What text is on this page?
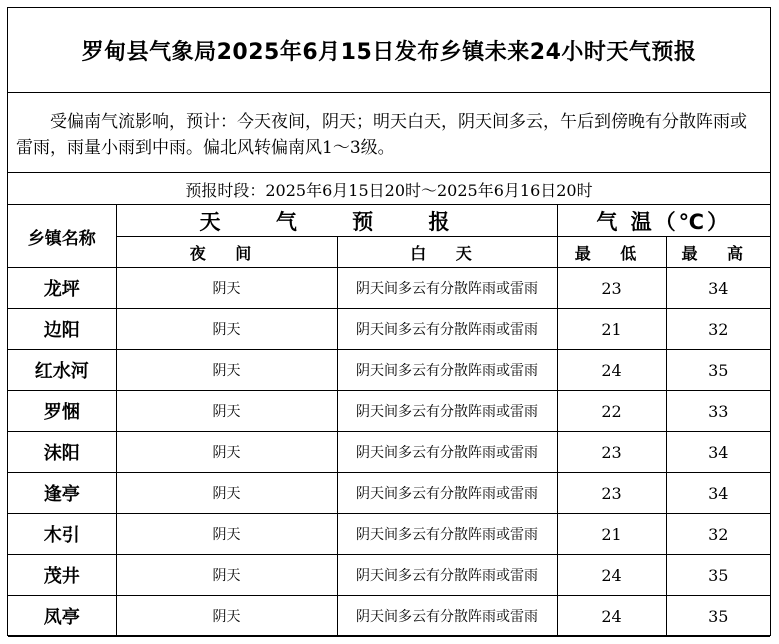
罗甸县气象局2025年6月15日发布乡镇未来24小时天气预报
受偏南气流影响，预计：今天夜间，阴天；明天白天，阴天间多云，午后到傍晚有分散阵雨或雷雨，雨量小雨到中雨。偏北风转偏南风1～3级。
预报时段：2025年6月15日20时～2025年6月16日20时
乡镇名称	天 气 预 报		气 温（℃）	
	夜 间	白 天	最 低	最 高
龙坪	阴天	阴天间多云有分散阵雨或雷雨	23	34
边阳	阴天	阴天间多云有分散阵雨或雷雨	21	32
红水河	阴天	阴天间多云有分散阵雨或雷雨	24	35
罗悃	阴天	阴天间多云有分散阵雨或雷雨	22	33
沫阳	阴天	阴天间多云有分散阵雨或雷雨	23	34
逢亭	阴天	阴天间多云有分散阵雨或雷雨	23	34
木引	阴天	阴天间多云有分散阵雨或雷雨	21	32
茂井	阴天	阴天间多云有分散阵雨或雷雨	24	35
凤亭	阴天	阴天间多云有分散阵雨或雷雨	24	35
